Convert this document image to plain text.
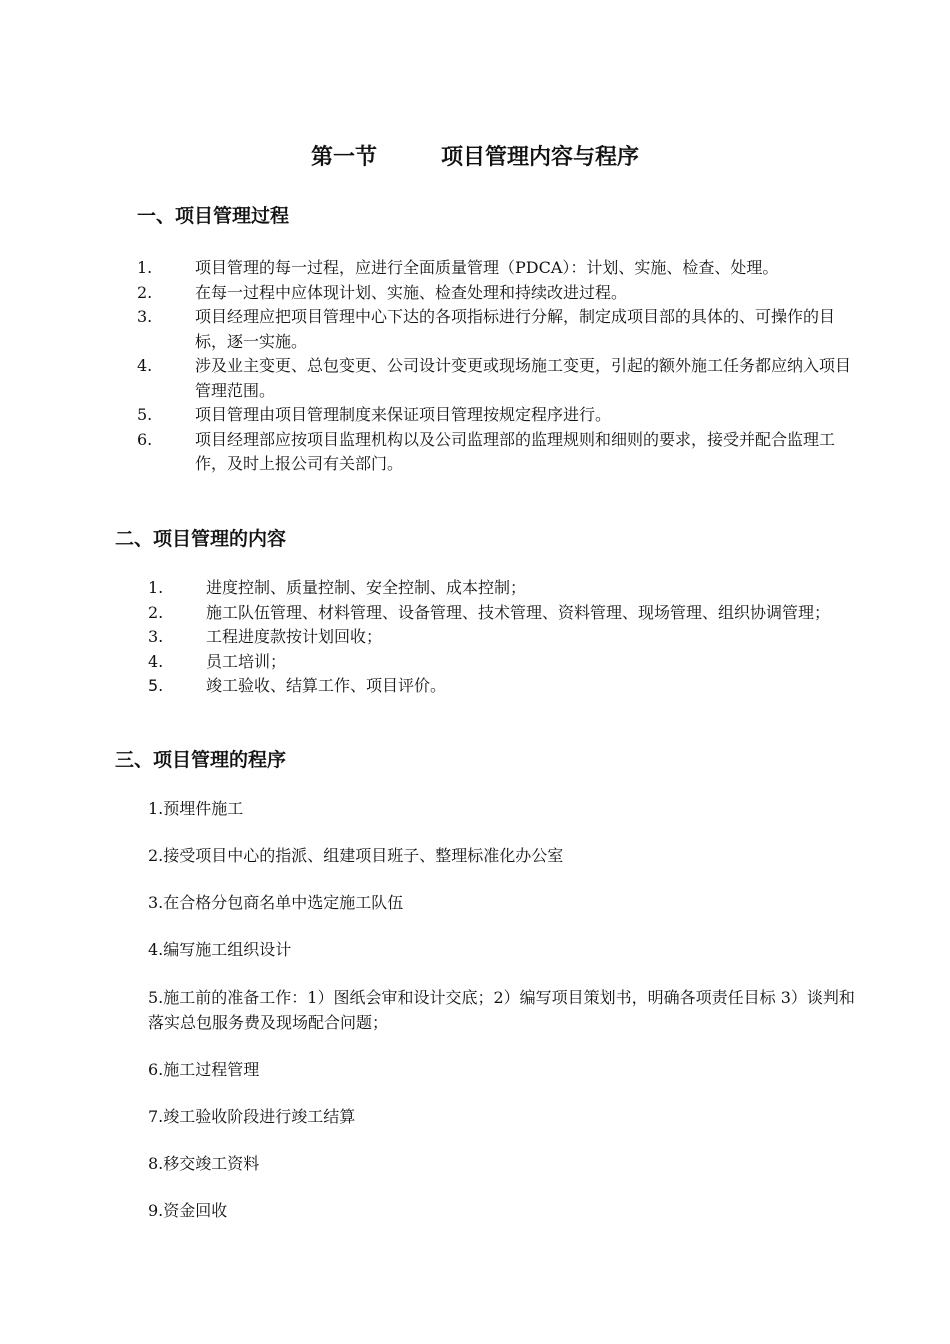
第一节	项目管理内容与程序
一、项目管理过程
1.	项目管理的每一过程，应进行全面质量管理（PDCA）：计划、实施、检查、处理。
2.	在每一过程中应体现计划、实施、检查处理和持续改进过程。
3.	项目经理应把项目管理中心下达的各项指标进行分解，制定成项目部的具体的、可操作的目标，逐一实施。
4.	涉及业主变更、总包变更、公司设计变更或现场施工变更，引起的额外施工任务都应纳入项目管理范围。
5.	项目管理由项目管理制度来保证项目管理按规定程序进行。
6.	项目经理部应按项目监理机构以及公司监理部的监理规则和细则的要求，接受并配合监理工作，及时上报公司有关部门。
二、项目管理的内容
1.	进度控制、质量控制、安全控制、成本控制；
2.	施工队伍管理、材料管理、设备管理、技术管理、资料管理、现场管理、组织协调管理；
3.	工程进度款按计划回收；
4.	员工培训；
5.	竣工验收、结算工作、项目评价。
三、项目管理的程序
1.预埋件施工
2.接受项目中心的指派、组建项目班子、整理标准化办公室
3.在合格分包商名单中选定施工队伍
4.编写施工组织设计
5.施工前的准备工作：1）图纸会审和设计交底；2）编写项目策划书，明确各项责任目标 3）谈判和落实总包服务费及现场配合问题；
6.施工过程管理
7.竣工验收阶段进行竣工结算
8.移交竣工资料
9.资金回收
